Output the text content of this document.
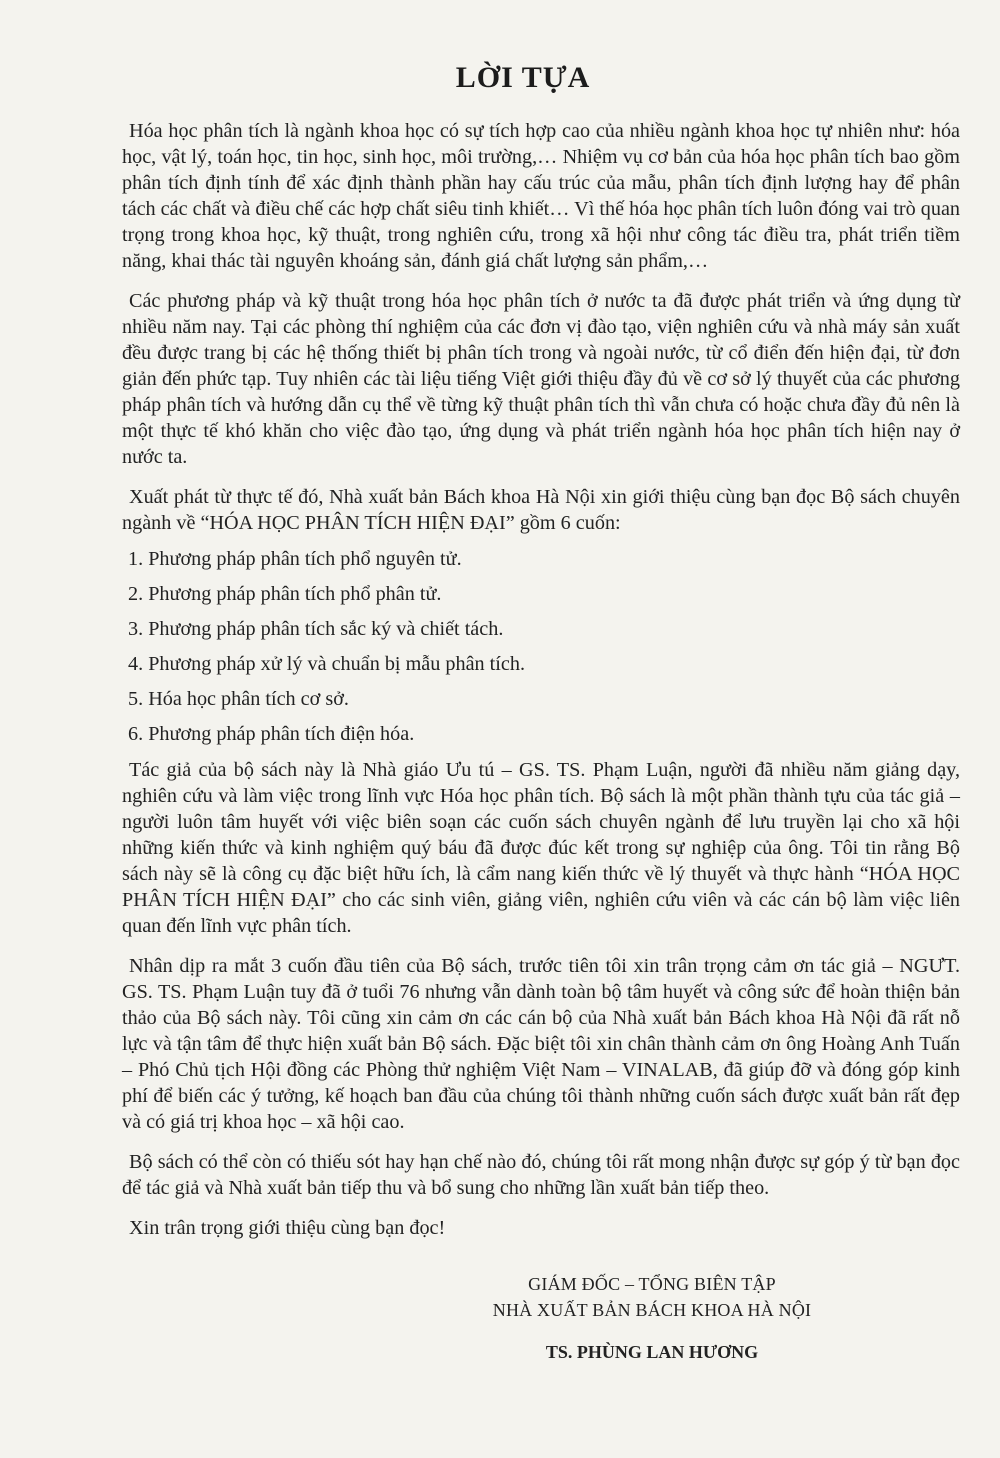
LỜI TỰA

Hóa học phân tích là ngành khoa học có sự tích hợp cao của nhiều ngành khoa học tự nhiên như: hóa học, vật lý, toán học, tin học, sinh học, môi trường,… Nhiệm vụ cơ bản của hóa học phân tích bao gồm phân tích định tính để xác định thành phần hay cấu trúc của mẫu, phân tích định lượng hay để phân tách các chất và điều chế các hợp chất siêu tinh khiết… Vì thế hóa học phân tích luôn đóng vai trò quan trọng trong khoa học, kỹ thuật, trong nghiên cứu, trong xã hội như công tác điều tra, phát triển tiềm năng, khai thác tài nguyên khoáng sản, đánh giá chất lượng sản phẩm,…

Các phương pháp và kỹ thuật trong hóa học phân tích ở nước ta đã được phát triển và ứng dụng từ nhiều năm nay. Tại các phòng thí nghiệm của các đơn vị đào tạo, viện nghiên cứu và nhà máy sản xuất đều được trang bị các hệ thống thiết bị phân tích trong và ngoài nước, từ cổ điển đến hiện đại, từ đơn giản đến phức tạp. Tuy nhiên các tài liệu tiếng Việt giới thiệu đầy đủ về cơ sở lý thuyết của các phương pháp phân tích và hướng dẫn cụ thể về từng kỹ thuật phân tích thì vẫn chưa có hoặc chưa đầy đủ nên là một thực tế khó khăn cho việc đào tạo, ứng dụng và phát triển ngành hóa học phân tích hiện nay ở nước ta.

Xuất phát từ thực tế đó, Nhà xuất bản Bách khoa Hà Nội xin giới thiệu cùng bạn đọc Bộ sách chuyên ngành về “HÓA HỌC PHÂN TÍCH HIỆN ĐẠI” gồm 6 cuốn:

1. Phương pháp phân tích phổ nguyên tử.
2. Phương pháp phân tích phổ phân tử.
3. Phương pháp phân tích sắc ký và chiết tách.
4. Phương pháp xử lý và chuẩn bị mẫu phân tích.
5. Hóa học phân tích cơ sở.
6. Phương pháp phân tích điện hóa.

Tác giả của bộ sách này là Nhà giáo Ưu tú – GS. TS. Phạm Luận, người đã nhiều năm giảng dạy, nghiên cứu và làm việc trong lĩnh vực Hóa học phân tích. Bộ sách là một phần thành tựu của tác giả – người luôn tâm huyết với việc biên soạn các cuốn sách chuyên ngành để lưu truyền lại cho xã hội những kiến thức và kinh nghiệm quý báu đã được đúc kết trong sự nghiệp của ông. Tôi tin rằng Bộ sách này sẽ là công cụ đặc biệt hữu ích, là cẩm nang kiến thức về lý thuyết và thực hành “HÓA HỌC PHÂN TÍCH HIỆN ĐẠI” cho các sinh viên, giảng viên, nghiên cứu viên và các cán bộ làm việc liên quan đến lĩnh vực phân tích.

Nhân dịp ra mắt 3 cuốn đầu tiên của Bộ sách, trước tiên tôi xin trân trọng cảm ơn tác giả – NGƯT. GS. TS. Phạm Luận tuy đã ở tuổi 76 nhưng vẫn dành toàn bộ tâm huyết và công sức để hoàn thiện bản thảo của Bộ sách này. Tôi cũng xin cảm ơn các cán bộ của Nhà xuất bản Bách khoa Hà Nội đã rất nỗ lực và tận tâm để thực hiện xuất bản Bộ sách. Đặc biệt tôi xin chân thành cảm ơn ông Hoàng Anh Tuấn – Phó Chủ tịch Hội đồng các Phòng thử nghiệm Việt Nam – VINALAB, đã giúp đỡ và đóng góp kinh phí để biến các ý tưởng, kế hoạch ban đầu của chúng tôi thành những cuốn sách được xuất bản rất đẹp và có giá trị khoa học – xã hội cao.

Bộ sách có thể còn có thiếu sót hay hạn chế nào đó, chúng tôi rất mong nhận được sự góp ý từ bạn đọc để tác giả và Nhà xuất bản tiếp thu và bổ sung cho những lần xuất bản tiếp theo.

Xin trân trọng giới thiệu cùng bạn đọc!

GIÁM ĐỐC – TỔNG BIÊN TẬP
NHÀ XUẤT BẢN BÁCH KHOA HÀ NỘI
TS. PHÙNG LAN HƯƠNG
